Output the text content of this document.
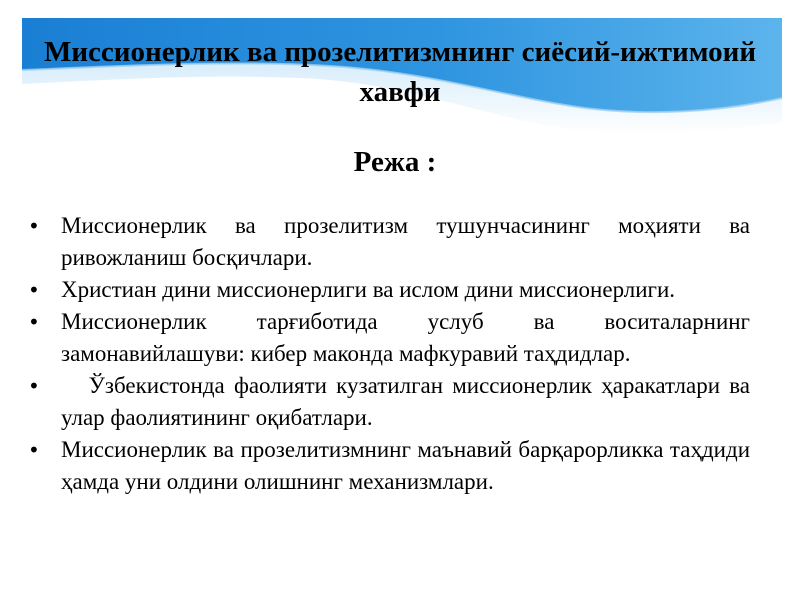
Миссионерлик ва прозелитизмнинг сиёсий-ижтимоий хавфи
Режа :
• Миссионерлик ва прозелитизм тушунчасининг моҳияти ва ривожланиш босқичлари.
• Христиан дини миссионерлиги ва ислом дини миссионерлиги.
• Миссионерлик тарғиботида услуб ва воситаларнинг замонавийлашуви: кибер маконда мафкуравий таҳдидлар.
• Ўзбекистонда фаолияти кузатилган миссионерлик ҳаракатлари ва улар фаолиятининг оқибатлари.
• Миссионерлик ва прозелитизмнинг маънавий барқарорликка таҳдиди ҳамда уни олдини олишнинг механизмлари.
